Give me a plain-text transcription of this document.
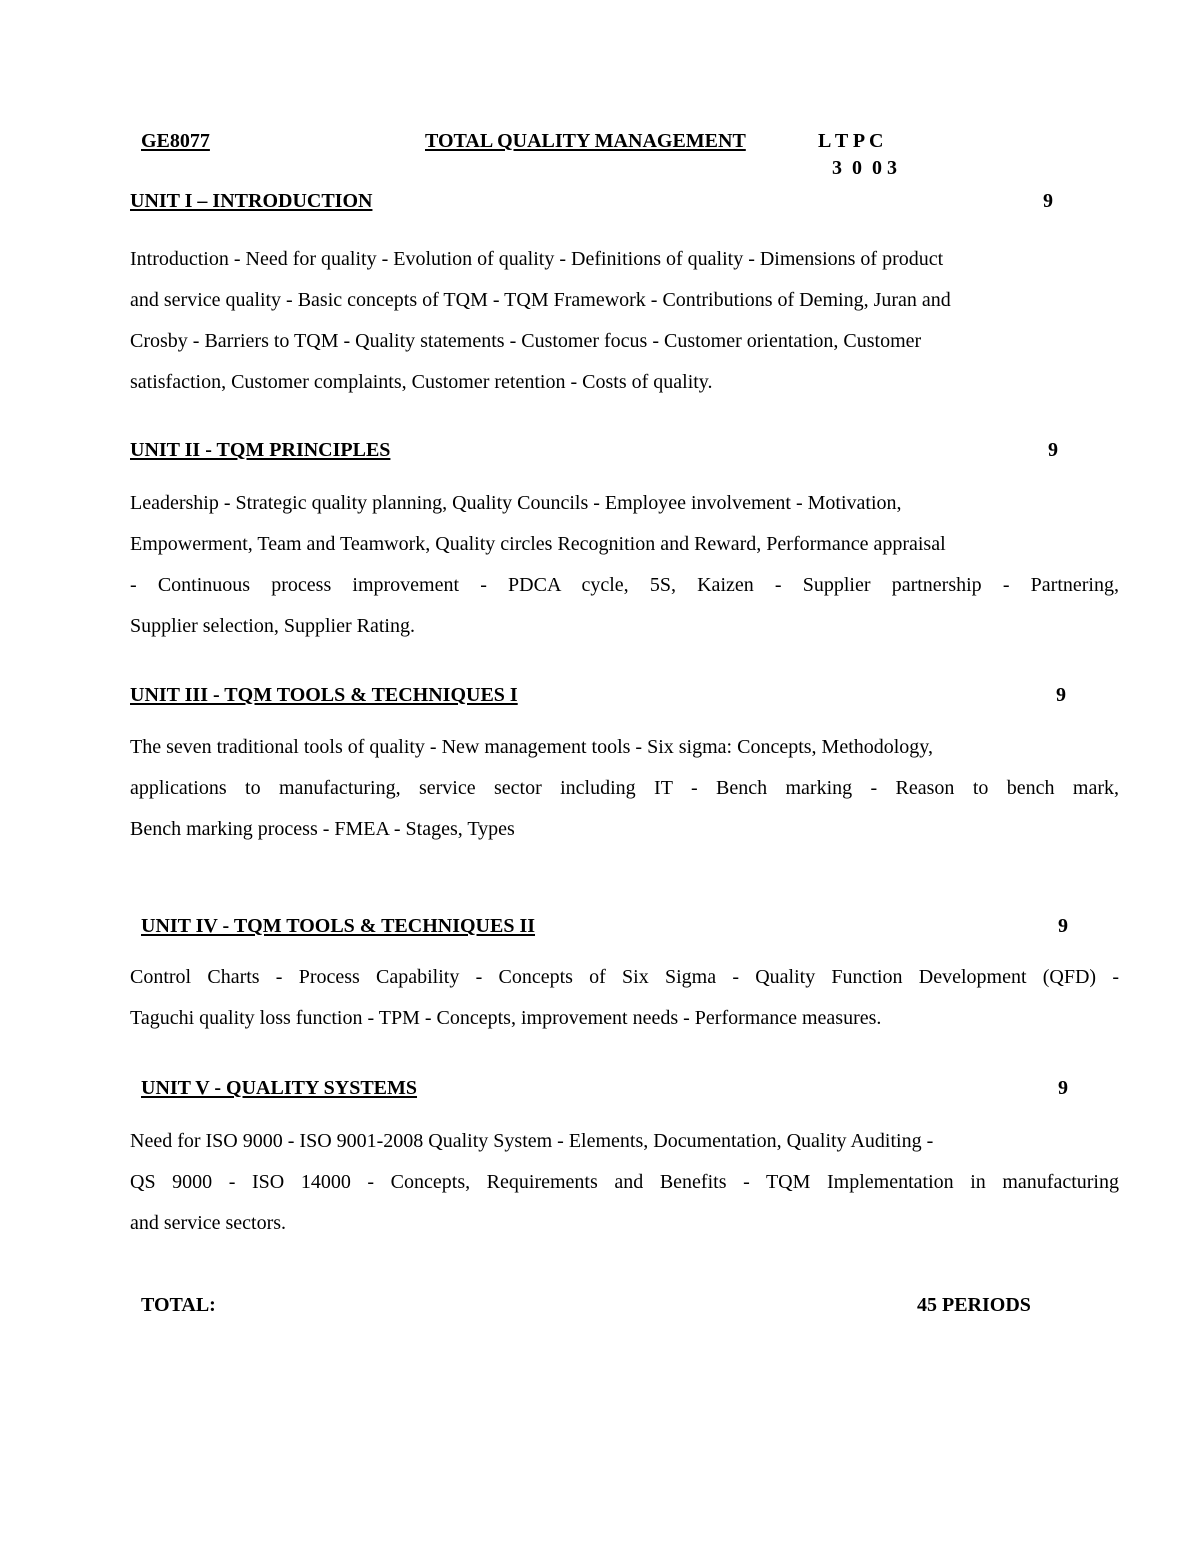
GE8077	TOTAL QUALITY MANAGEMENT	L T P C
3  0  0 3
UNIT I – INTRODUCTION	9
Introduction - Need for quality - Evolution of quality - Definitions of quality - Dimensions of product
and service quality - Basic concepts of TQM - TQM Framework - Contributions of Deming, Juran and
Crosby - Barriers to TQM - Quality statements - Customer focus - Customer orientation, Customer
satisfaction, Customer complaints, Customer retention - Costs of quality.
UNIT II - TQM PRINCIPLES	9
Leadership - Strategic quality planning, Quality Councils - Employee involvement - Motivation,
Empowerment, Team and Teamwork, Quality circles Recognition and Reward, Performance appraisal
- Continuous process improvement - PDCA cycle, 5S, Kaizen - Supplier partnership - Partnering,
Supplier selection, Supplier Rating.
UNIT III - TQM TOOLS & TECHNIQUES I	9
The seven traditional tools of quality - New management tools - Six sigma: Concepts, Methodology,
applications to manufacturing, service sector including IT - Bench marking - Reason to bench mark,
Bench marking process - FMEA - Stages, Types
UNIT IV - TQM TOOLS & TECHNIQUES II	9
Control Charts - Process Capability - Concepts of Six Sigma - Quality Function Development (QFD) -
Taguchi quality loss function - TPM - Concepts, improvement needs - Performance measures.
UNIT V - QUALITY SYSTEMS	9
Need for ISO 9000 - ISO 9001-2008 Quality System - Elements, Documentation, Quality Auditing -
QS 9000 - ISO 14000 - Concepts, Requirements and Benefits - TQM Implementation in manufacturing
and service sectors.
TOTAL:	45 PERIODS
